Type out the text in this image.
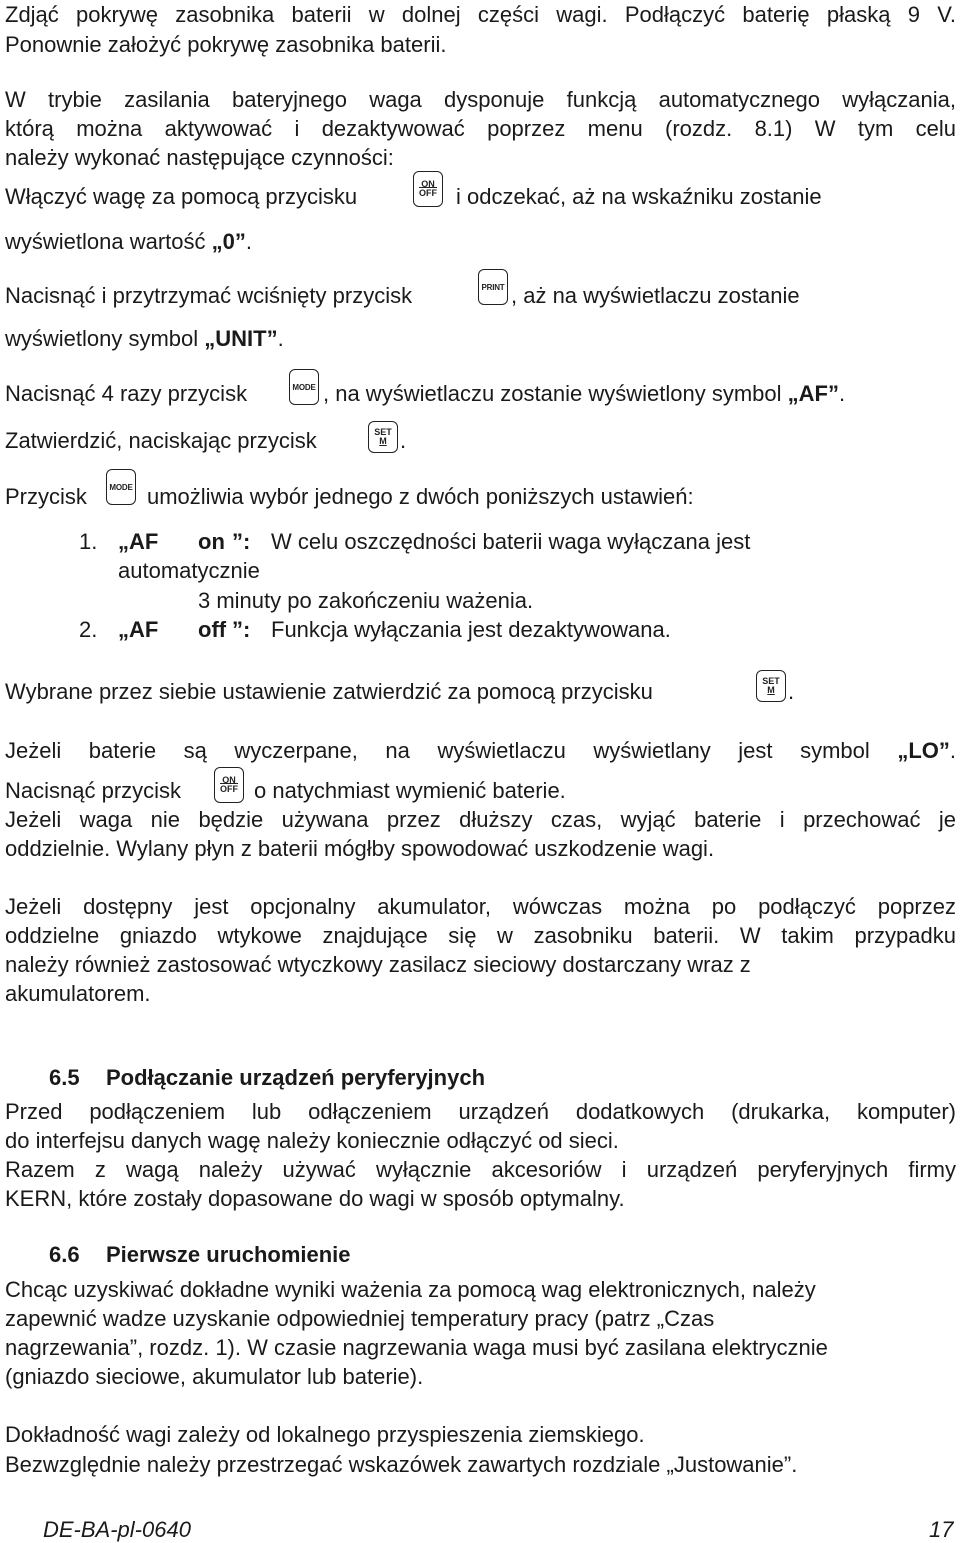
Zdjąć pokrywę zasobnika baterii w dolnej części wagi. Podłączyć baterię płaską 9 V.
Ponownie założyć pokrywę zasobnika baterii.
W trybie zasilania bateryjnego waga dysponuje funkcją automatycznego wyłączania,
którą można aktywować i dezaktywować poprzez menu (rozdz. 8.1) W tym celu
należy wykonać następujące czynności:
Włączyć wagę za pomocą przycisku	ON
$\overline{OFF}$ i odczekać, aż na wskaźniku zostanie
wyświetlona wartość „0”.
Nacisnąć i przytrzymać wciśnięty przycisk	PRINT , aż na wyświetlaczu zostanie
wyświetlony symbol „UNIT”.
Nacisnąć 4 razy przycisk	MODE , na wyświetlaczu zostanie wyświetlony symbol „AF”.
Zatwierdzić, naciskając przycisk	SET
M .
Przycisk	MODE umożliwia wybór jednego z dwóch poniższych ustawień:
1. „AF on ”: W celu oszczędności baterii waga wyłączana jest
automatycznie
3 minuty po zakończeniu ważenia.
2. „AF off ”: Funkcja wyłączania jest dezaktywowana.
Wybrane przez siebie ustawienie zatwierdzić za pomocą przycisku	SET
M .
Jeżeli baterie są wyczerpane, na wyświetlaczu wyświetlany jest symbol „LO”.
Nacisnąć przycisk	ON
$\overline{OFF}$ o natychmiast wymienić baterie.
Jeżeli waga nie będzie używana przez dłuższy czas, wyjąć baterie i przechować je
oddzielnie. Wylany płyn z baterii mógłby spowodować uszkodzenie wagi.
Jeżeli dostępny jest opcjonalny akumulator, wówczas można po podłączyć poprzez
oddzielne gniazdo wtykowe znajdujące się w zasobniku baterii. W takim przypadku
należy również zastosować wtyczkowy zasilacz sieciowy dostarczany wraz z
akumulatorem.
6.5 Podłączanie urządzeń peryferyjnych
Przed podłączeniem lub odłączeniem urządzeń dodatkowych (drukarka, komputer)
do interfejsu danych wagę należy koniecznie odłączyć od sieci.
Razem z wagą należy używać wyłącznie akcesoriów i urządzeń peryferyjnych firmy
KERN, które zostały dopasowane do wagi w sposób optymalny.
6.6 Pierwsze uruchomienie
Chcąc uzyskiwać dokładne wyniki ważenia za pomocą wag elektronicznych, należy
zapewnić wadze uzyskanie odpowiedniej temperatury pracy (patrz „Czas
nagrzewania”, rozdz. 1). W czasie nagrzewania waga musi być zasilana elektrycznie
(gniazdo sieciowe, akumulator lub baterie).
Dokładność wagi zależy od lokalnego przyspieszenia ziemskiego.
Bezwzględnie należy przestrzegać wskazówek zawartych rozdziale „Justowanie”.
DE-BA-pl-0640	17
